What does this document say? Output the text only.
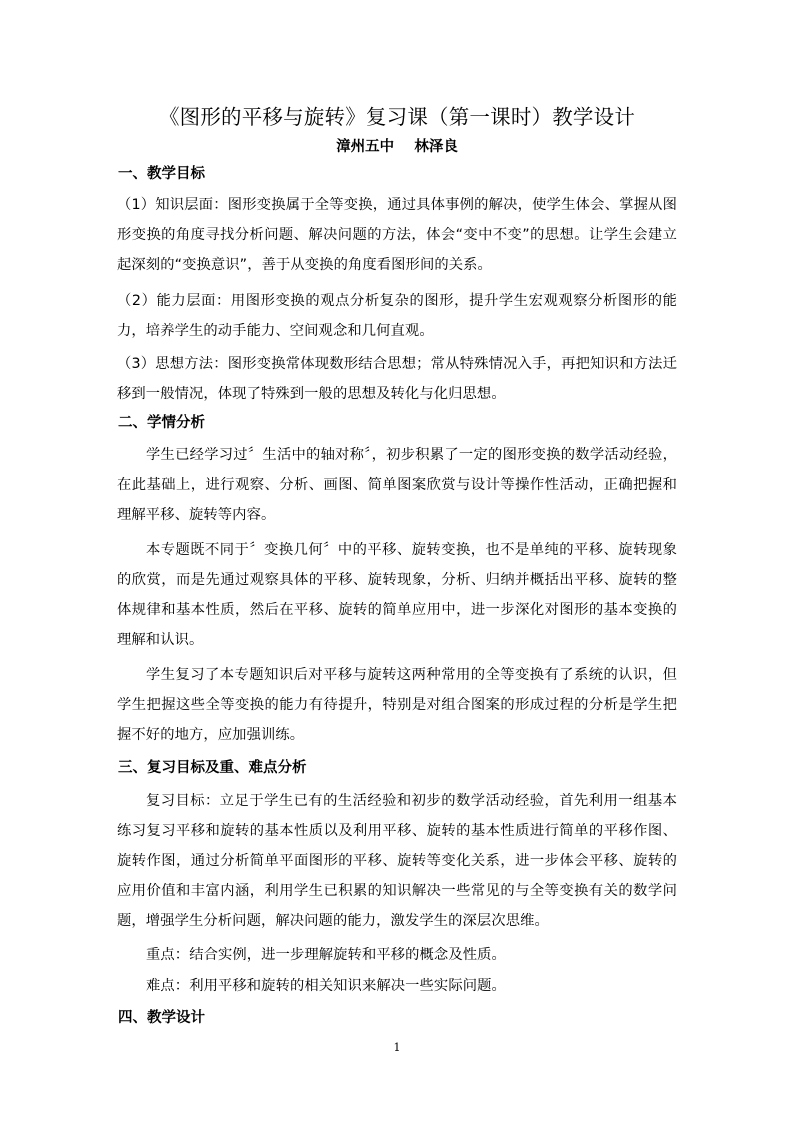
《图形的平移与旋转》复习课（第一课时）教学设计
漳州五中    林泽良
一、教学目标
（1）知识层面：图形变换属于全等变换，通过具体事例的解决，使学生体会、掌握从图形变换的角度寻找分析问题、解决问题的方法，体会“变中不变”的思想。让学生会建立起深刻的“变换意识”，善于从变换的角度看图形间的关系。
（2）能力层面：用图形变换的观点分析复杂的图形，提升学生宏观观察分析图形的能力，培养学生的动手能力、空间观念和几何直观。
（3）思想方法：图形变换常体现数形结合思想；常从特殊情况入手，再把知识和方法迁移到一般情况，体现了特殊到一般的思想及转化与化归思想。
二、学情分析
学生已经学习过〞生活中的轴对称〞，初步积累了一定的图形变换的数学活动经验，在此基础上，进行观察、分析、画图、简单图案欣赏与设计等操作性活动，正确把握和理解平移、旋转等内容。
本专题既不同于〞变换几何〞中的平移、旋转变换，也不是单纯的平移、旋转现象的欣赏，而是先通过观察具体的平移、旋转现象，分析、归纳并概括出平移、旋转的整体规律和基本性质，然后在平移、旋转的简单应用中，进一步深化对图形的基本变换的理解和认识。
学生复习了本专题知识后对平移与旋转这两种常用的全等变换有了系统的认识，但学生把握这些全等变换的能力有待提升，特别是对组合图案的形成过程的分析是学生把握不好的地方，应加强训练。
三、复习目标及重、难点分析
复习目标：立足于学生已有的生活经验和初步的数学活动经验，首先利用一组基本练习复习平移和旋转的基本性质以及利用平移、旋转的基本性质进行简单的平移作图、旋转作图，通过分析简单平面图形的平移、旋转等变化关系，进一步体会平移、旋转的应用价值和丰富内涵，利用学生已积累的知识解决一些常见的与全等变换有关的数学问题，增强学生分析问题，解决问题的能力，激发学生的深层次思维。
重点：结合实例，进一步理解旋转和平移的概念及性质。
难点：利用平移和旋转的相关知识来解决一些实际问题。
四、教学设计
1
